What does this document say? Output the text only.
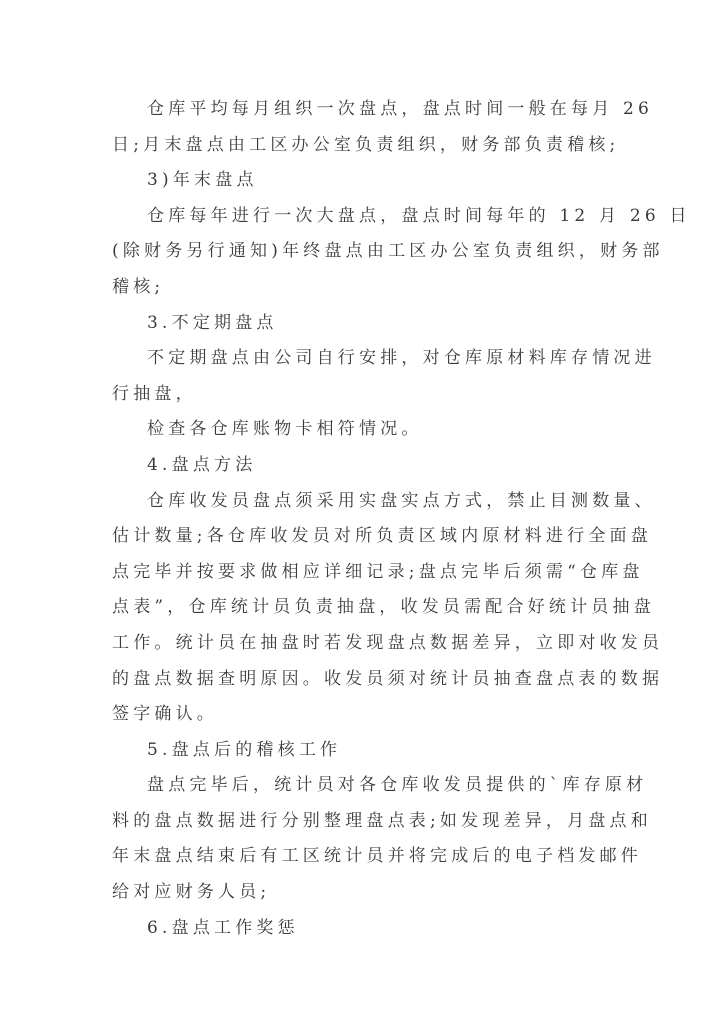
仓库平均每月组织一次盘点，盘点时间一般在每月 26
日;月末盘点由工区办公室负责组织，财务部负责稽核;
3)年末盘点
仓库每年进行一次大盘点，盘点时间每年的 12 月 26 日
(除财务另行通知)年终盘点由工区办公室负责组织，财务部
稽核;
3.不定期盘点
不定期盘点由公司自行安排，对仓库原材料库存情况进
行抽盘，
检查各仓库账物卡相符情况。
4.盘点方法
仓库收发员盘点须采用实盘实点方式，禁止目测数量、
估计数量;各仓库收发员对所负责区域内原材料进行全面盘
点完毕并按要求做相应详细记录;盘点完毕后须需“仓库盘
点表”，仓库统计员负责抽盘，收发员需配合好统计员抽盘
工作。统计员在抽盘时若发现盘点数据差异，立即对收发员
的盘点数据查明原因。收发员须对统计员抽查盘点表的数据
签字确认。
5.盘点后的稽核工作
盘点完毕后，统计员对各仓库收发员提供的`库存原材
料的盘点数据进行分别整理盘点表;如发现差异，月盘点和
年末盘点结束后有工区统计员并将完成后的电子档发邮件
给对应财务人员;
6.盘点工作奖惩
